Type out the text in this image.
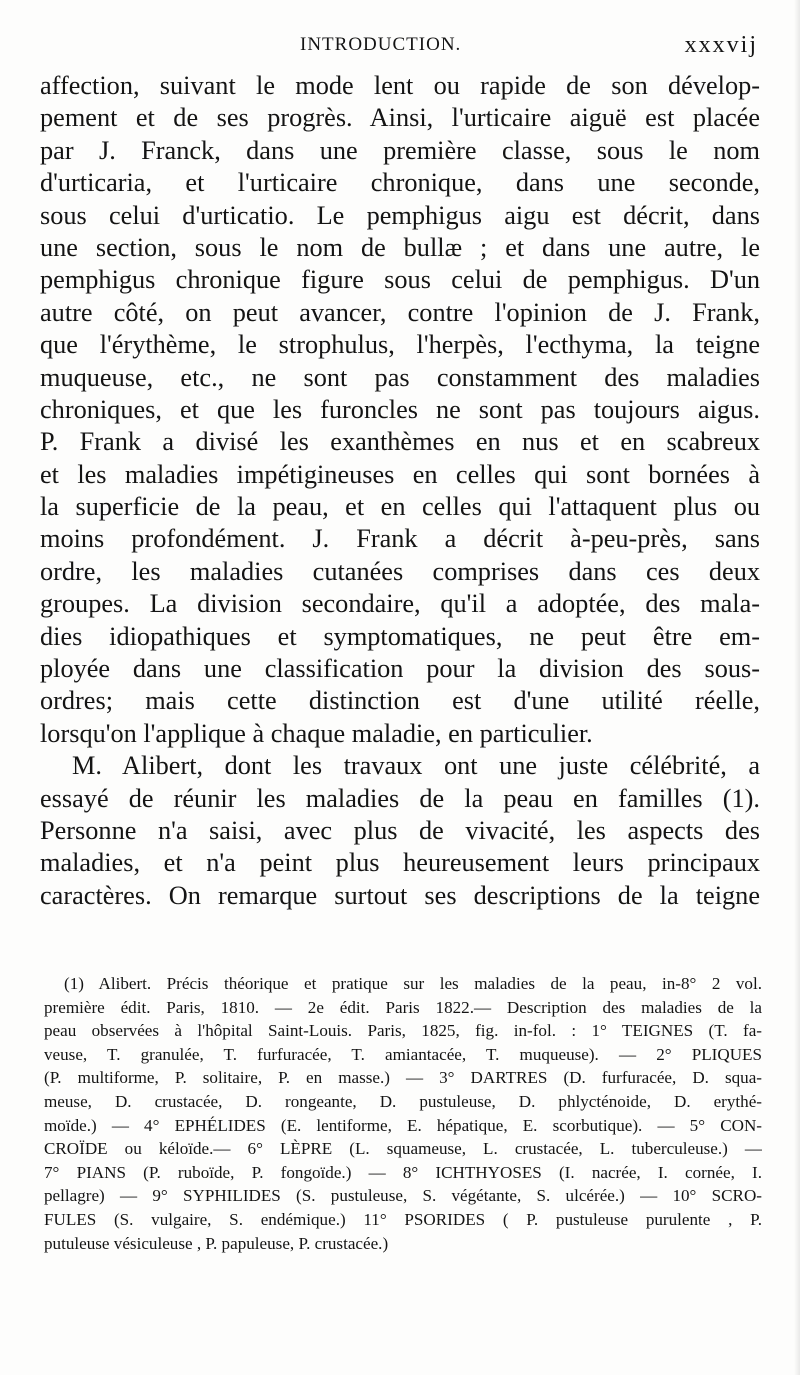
INTRODUCTION.	xxxvij
affection, suivant le mode lent ou rapide de son dévelop-
pement et de ses progrès. Ainsi, l'urticaire aiguë est placée
par J. Franck, dans une première classe, sous le nom
d'urticaria, et l'urticaire chronique, dans une seconde,
sous celui d'urticatio. Le pemphigus aigu est décrit, dans
une section, sous le nom de bullæ ; et dans une autre, le
pemphigus chronique figure sous celui de pemphigus. D'un
autre côté, on peut avancer, contre l'opinion de J. Frank,
que l'érythème, le strophulus, l'herpès, l'ecthyma, la teigne
muqueuse, etc., ne sont pas constamment des maladies
chroniques, et que les furoncles ne sont pas toujours aigus.
P. Frank a divisé les exanthèmes en nus et en scabreux
et les maladies impétigineuses en celles qui sont bornées à
la superficie de la peau, et en celles qui l'attaquent plus ou
moins profondément. J. Frank a décrit à-peu-près, sans
ordre, les maladies cutanées comprises dans ces deux
groupes. La division secondaire, qu'il a adoptée, des mala-
dies idiopathiques et symptomatiques, ne peut être em-
ployée dans une classification pour la division des sous-
ordres; mais cette distinction est d'une utilité réelle,
lorsqu'on l'applique à chaque maladie, en particulier.
M. Alibert, dont les travaux ont une juste célébrité, a
essayé de réunir les maladies de la peau en familles (1).
Personne n'a saisi, avec plus de vivacité, les aspects des
maladies, et n'a peint plus heureusement leurs principaux
caractères. On remarque surtout ses descriptions de la teigne
(1) Alibert. Précis théorique et pratique sur les maladies de la peau, in-8° 2 vol.
première édit. Paris, 1810. — 2e édit. Paris 1822.— Description des maladies de la
peau observées à l'hôpital Saint-Louis. Paris, 1825, fig. in-fol. : 1° TEIGNES (T. fa-
veuse, T. granulée, T. furfuracée, T. amiantacée, T. muqueuse). — 2° PLIQUES
(P. multiforme, P. solitaire, P. en masse.) — 3° DARTRES (D. furfuracée, D. squa-
meuse, D. crustacée, D. rongeante, D. pustuleuse, D. phlycténoide, D. erythé-
moïde.) — 4° EPHÉLIDES (E. lentiforme, E. hépatique, E. scorbutique). — 5° CON-
CROÏDE ou kéloïde.— 6° LÈPRE (L. squameuse, L. crustacée, L. tuberculeuse.) —
7° PIANS (P. ruboïde, P. fongoïde.) — 8° ICHTHYOSES (I. nacrée, I. cornée, I.
pellagre) — 9° SYPHILIDES (S. pustuleuse, S. végétante, S. ulcérée.) — 10° SCRO-
FULES (S. vulgaire, S. endémique.) 11° PSORIDES ( P. pustuleuse purulente , P.
putuleuse vésiculeuse , P. papuleuse, P. crustacée.)
